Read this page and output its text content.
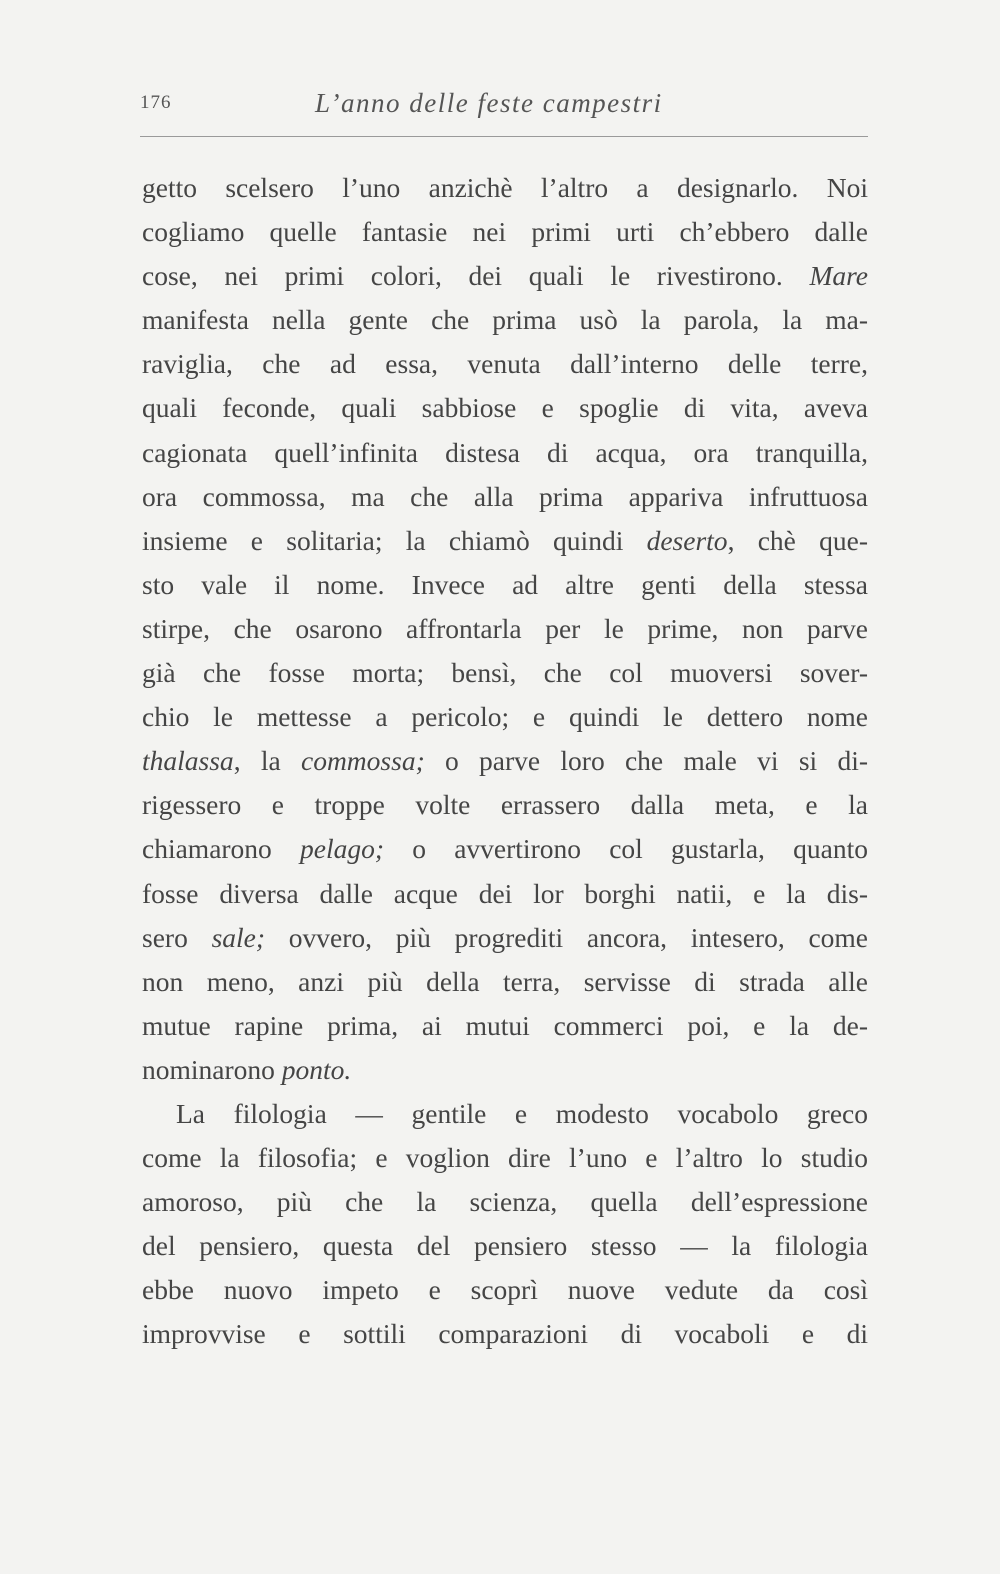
176	L’anno delle feste campestri
getto scelsero l’uno anzichè l’altro a designarlo. Noi
cogliamo quelle fantasie nei primi urti ch’ebbero dalle
cose, nei primi colori, dei quali le rivestirono. Mare
manifesta nella gente che prima usò la parola, la ma-
raviglia, che ad essa, venuta dall’interno delle terre,
quali feconde, quali sabbiose e spoglie di vita, aveva
cagionata quell’infinita distesa di acqua, ora tranquilla,
ora commossa, ma che alla prima appariva infruttuosa
insieme e solitaria; la chiamò quindi deserto, chè que-
sto vale il nome. Invece ad altre genti della stessa
stirpe, che osarono affrontarla per le prime, non parve
già che fosse morta; bensì, che col muoversi sover-
chio le mettesse a pericolo; e quindi le dettero nome
thalassa, la commossa; o parve loro che male vi si di-
rigessero e troppe volte errassero dalla meta, e la
chiamarono pelago; o avvertirono col gustarla, quanto
fosse diversa dalle acque dei lor borghi natii, e la dis-
sero sale; ovvero, più progrediti ancora, intesero, come
non meno, anzi più della terra, servisse di strada alle
mutue rapine prima, ai mutui commerci poi, e la de-
nominarono ponto.
La filologia — gentile e modesto vocabolo greco
come la filosofia; e voglion dire l’uno e l’altro lo studio
amoroso, più che la scienza, quella dell’espressione
del pensiero, questa del pensiero stesso — la filologia
ebbe nuovo impeto e scoprì nuove vedute da così
improvvise e sottili comparazioni di vocaboli e di
